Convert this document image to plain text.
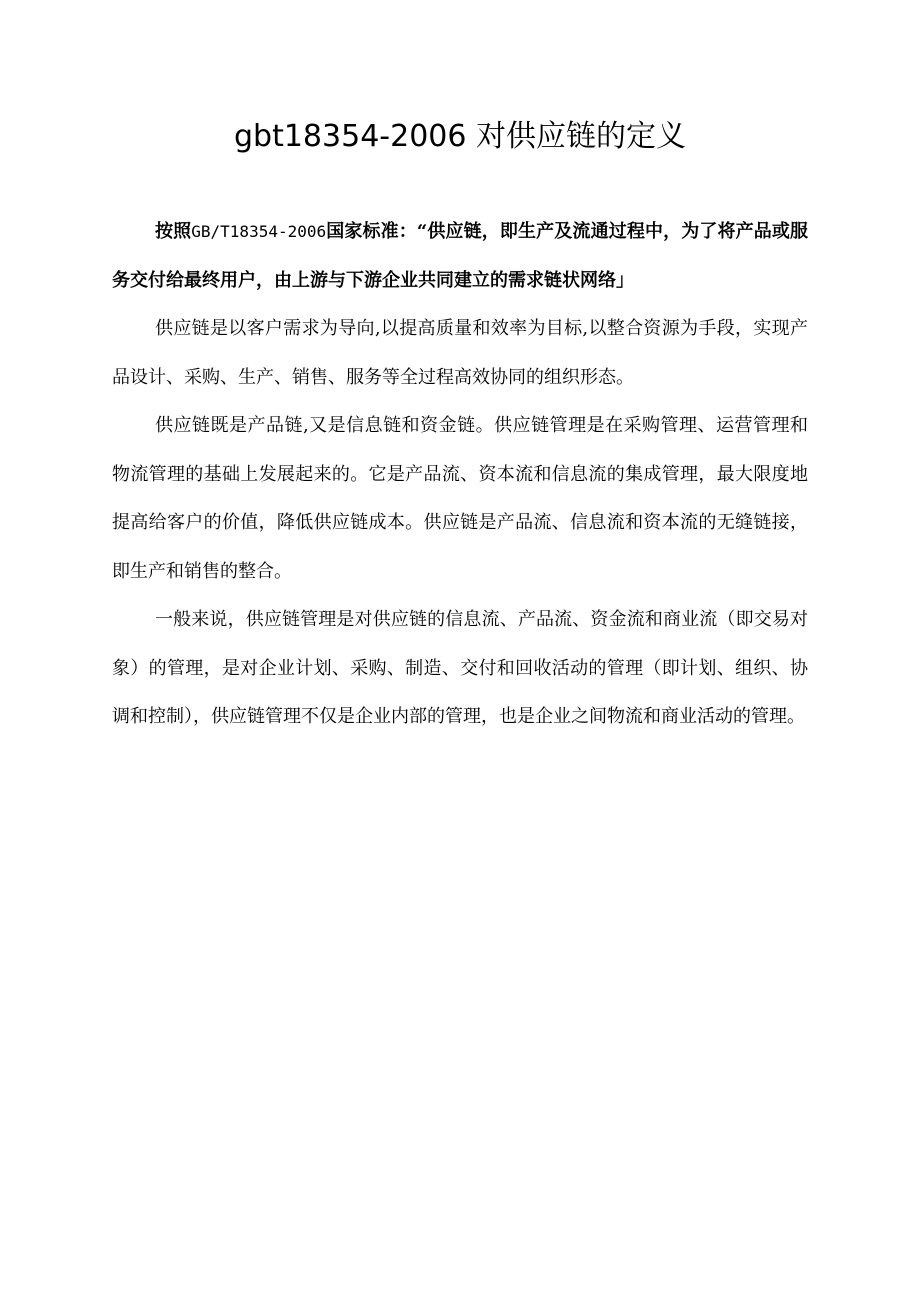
gbt18354-2006 对供应链的定义

按照GB/T18354-2006国家标准：“供应链，即生产及流通过程中，为了将产品或服务交付给最终用户，由上游与下游企业共同建立的需求链状网络」

供应链是以客户需求为导向,以提高质量和效率为目标,以整合资源为手段，实现产品设计、采购、生产、销售、服务等全过程高效协同的组织形态。

供应链既是产品链,又是信息链和资金链。供应链管理是在采购管理、运营管理和物流管理的基础上发展起来的。它是产品流、资本流和信息流的集成管理，最大限度地提高给客户的价值，降低供应链成本。供应链是产品流、信息流和资本流的无缝链接，即生产和销售的整合。

一般来说，供应链管理是对供应链的信息流、产品流、资金流和商业流（即交易对象）的管理，是对企业计划、采购、制造、交付和回收活动的管理（即计划、组织、协调和控制），供应链管理不仅是企业内部的管理，也是企业之间物流和商业活动的管理。
